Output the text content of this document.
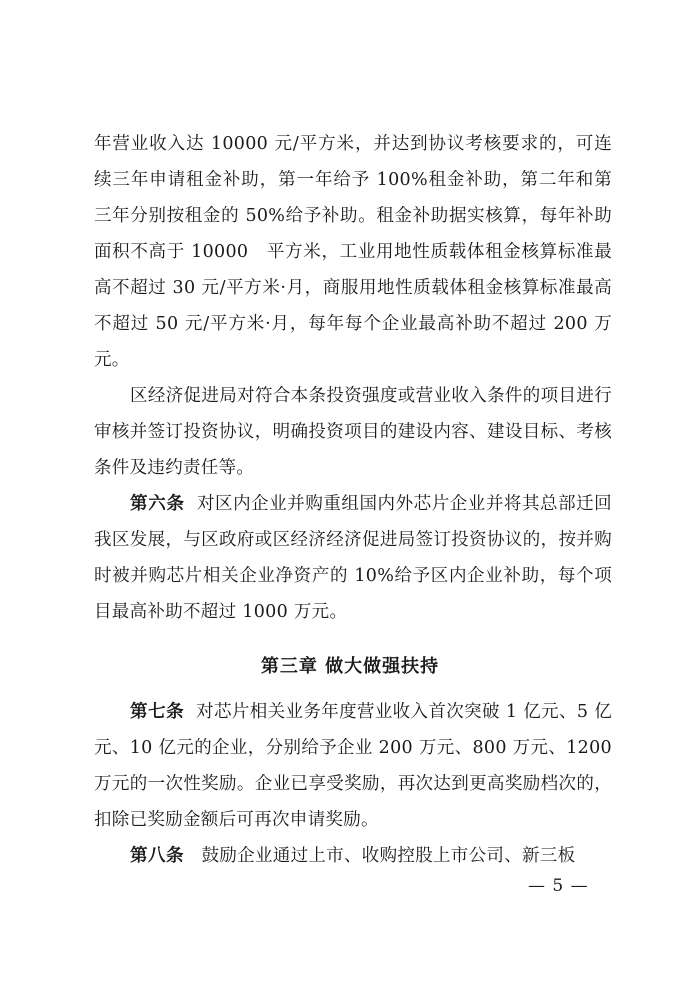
年营业收入达 10000 元/平方米，并达到协议考核要求的，可连续三年申请租金补助，第一年给予 100%租金补助，第二年和第三年分别按租金的 50%给予补助。租金补助据实核算，每年补助面积不高于 10000　平方米，工业用地性质载体租金核算标准最高不超过 30 元/平方米·月，商服用地性质载体租金核算标准最高不超过 50 元/平方米·月，每年每个企业最高补助不超过 200 万元。

区经济促进局对符合本条投资强度或营业收入条件的项目进行审核并签订投资协议，明确投资项目的建设内容、建设目标、考核条件及违约责任等。

第六条 对区内企业并购重组国内外芯片企业并将其总部迁回我区发展，与区政府或区经济经济促进局签订投资协议的，按并购时被并购芯片相关企业净资产的 10%给予区内企业补助，每个项目最高补助不超过 1000 万元。

第三章 做大做强扶持

第七条 对芯片相关业务年度营业收入首次突破 1 亿元、5 亿元、10 亿元的企业，分别给予企业 200 万元、800 万元、1200 万元的一次性奖励。企业已享受奖励，再次达到更高奖励档次的，扣除已奖励金额后可再次申请奖励。

第八条 鼓励企业通过上市、收购控股上市公司、新三板

— 5 —
